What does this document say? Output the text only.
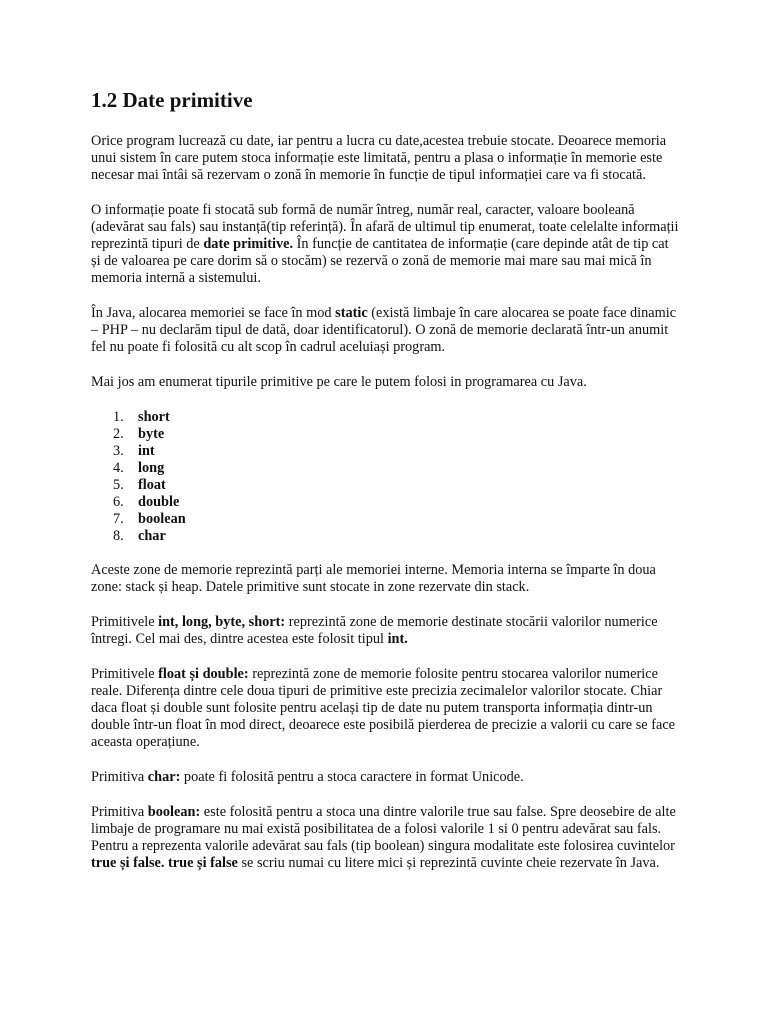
1.2 Date primitive

Orice program lucrează cu date, iar pentru a lucra cu date,acestea trebuie stocate. Deoarece memoria unui sistem în care putem stoca informație este limitată, pentru a plasa o informație în memorie este necesar mai întâi să rezervam o zonă în memorie în funcție de tipul informației care va fi stocată.

O informație poate fi stocată sub formă de număr întreg, număr real, caracter, valoare booleană (adevărat sau fals) sau instanță(tip referință). În afară de ultimul tip enumerat, toate celelalte informații reprezintă tipuri de date primitive. În funcție de cantitatea de informație (care depinde atât de tip cat și de valoarea pe care dorim să o stocăm) se rezervă o zonă de memorie mai mare sau mai mică în memoria internă a sistemului.

În Java, alocarea memoriei se face în mod static (există limbaje în care alocarea se poate face dinamic – PHP – nu declarăm tipul de dată, doar identificatorul). O zonă de memorie declarată într-un anumit fel nu poate fi folosită cu alt scop în cadrul aceluiași program.

Mai jos am enumerat tipurile primitive pe care le putem folosi in programarea cu Java.

1. short
2. byte
3. int
4. long
5. float
6. double
7. boolean
8. char

Aceste zone de memorie reprezintă parți ale memoriei interne. Memoria interna se împarte în doua zone: stack și heap. Datele primitive sunt stocate in zone rezervate din stack.

Primitivele int, long, byte, short: reprezintă zone de memorie destinate stocării valorilor numerice întregi. Cel mai des, dintre acestea este folosit tipul int.

Primitivele float și double: reprezintă zone de memorie folosite pentru stocarea valorilor numerice reale. Diferența dintre cele doua tipuri de primitive este precizia zecimalelor valorilor stocate. Chiar daca float și double sunt folosite pentru același tip de date nu putem transporta informația dintr-un double într-un float în mod direct, deoarece este posibilă pierderea de precizie a valorii cu care se face aceasta operațiune.

Primitiva char: poate fi folosită pentru a stoca caractere in format Unicode.

Primitiva boolean: este folosită pentru a stoca una dintre valorile true sau false. Spre deosebire de alte limbaje de programare nu mai există posibilitatea de a folosi valorile 1 si 0 pentru adevărat sau fals. Pentru a reprezenta valorile adevărat sau fals (tip boolean) singura modalitate este folosirea cuvintelor true și false. true și false se scriu numai cu litere mici și reprezintă cuvinte cheie rezervate în Java.
